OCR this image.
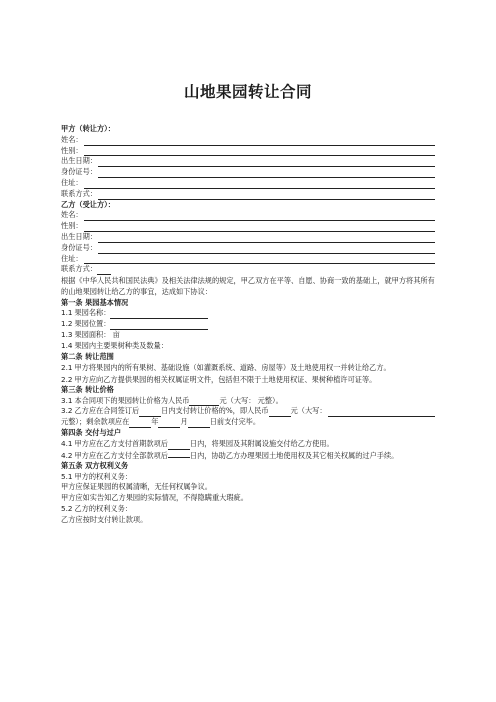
山地果园转让合同
甲方（转让方）：
姓名：
性别：
出生日期：
身份证号：
住址：
联系方式：
乙方（受让方）：
姓名：
性别：
出生日期：
身份证号：
住址：
联系方式：
根据《中华人民共和国民法典》及相关法律法规的规定，甲乙双方在平等、自愿、协商一致的基础上，就甲方将其所有的山地果园转让给乙方的事宜，达成如下协议：
第一条 果园基本情况
1.1 果园名称：
1.2 果园位置：
1.3 果园面积： 亩
1.4 果园内主要果树种类及数量：
第二条 转让范围
2.1 甲方将果园内的所有果树、基础设施（如灌溉系统、道路、房屋等）及土地使用权一并转让给乙方。
2.2 甲方应向乙方提供果园的相关权属证明文件，包括但不限于土地使用权证、果树种植许可证等。
第三条 转让价格
3.1 本合同项下的果园转让价格为人民币	元（大写： 元整）。
3.2 乙方应在合同签订后	日内支付转让价格的%，即人民币	元（大写：
元整）；剩余款项应在	年	月	日前支付完毕。
第四条 交付与过户
4.1 甲方应在乙方支付首期款项后	日内，将果园及其附属设施交付给乙方使用。
4.2 甲方应在乙方支付全部款项后	日内，协助乙方办理果园土地使用权及其它相关权属的过户手续。
第五条 双方权利义务
5.1 甲方的权利义务：
甲方应保证果园的权属清晰，无任何权属争议。
甲方应如实告知乙方果园的实际情况，不得隐瞒重大瑕疵。
5.2 乙方的权利义务：
乙方应按时支付转让款项。
